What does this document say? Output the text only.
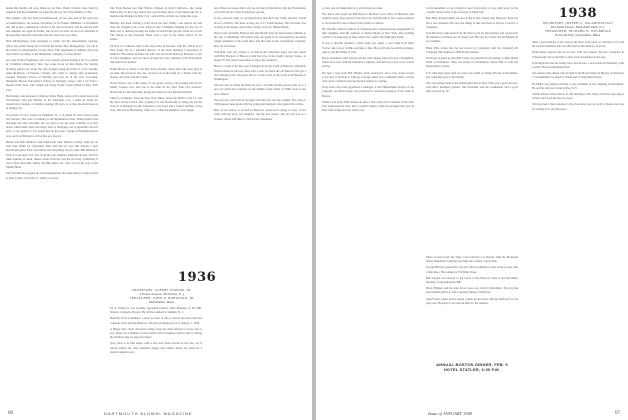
inside this month will soon make up the folio. Basil Crowell, Lake Sails by daughter and the classmates we joined in the top rail of the Rainbow Club.

Bert Gilbert, who has been incommunicado of late, has sent us the next best accommodation, our nearest November as in Former Members of November last. He is now a lieutenant colonel of the Sports Section, and he and his wife and daughter are again in Parker, and in part on what we are now informed is the apparent side that could still stop the bases yet to be done.

Dick Montgomery, from returning to Camp and his Advertising's Chicago office, has joined along, the word that the leader, Mrs. Montgomery, was out to the States by Montgomery by the office. This agreement is definite, final and irrevocable. Goodbye to the immediate company of a fine friend.

At Class in New Englander who was recently spotted having a bit of a surfeit in Columbia University's first. See some down in that whole, the Sunday morning papers last week. He who brought along his bride of a few months, Anne Bernhard, of Trenton, Canada, who came to college after graduation. General Hospital School of Nursing and was 42 in the year according. Remnants Boston University's School of Nursing's career, with a wit from a Degree from there. The couple are living in the Chapel Hotel in New York City.

Bob Kemp, who has been at Monroe Junior High, writes with a short note from Westchester. The new Henley of the Chairman, was a name he made for ourselves by reunion, on Sunday evening. He says, as of late, the main house is in Springs Va.

Good news for the citizens of Plainfield, N. J. of whom all were active in the last election. The class is running as the Republican ticket. Filled tabled class meetings has also prevailed. We are glad to see the state working on a new house which didn't have this many sites to mortgage, but it apparently did not have a vote against it. It is stated that he has been a judge in Plainfield before now, and Carl Edward is still active as a lawyer.

Bertha and Burt Ruthard with them from their Willow-Cottage. Add-ons on visit Phil Smith for Christmas. Phil said that he was still driving a new Dartmouth green Ford convertible and everything was in order. Bill Ruthard is back at work that's now fast, from the past summer. Sailboats moved, with the same attitude as usual, dinner learnt from his past the recovery. Ultimately it was a hole until Mrs. Ruthy and Bill dined out, who was on his way to the Merlin Hotel.

Jim Fairchild has popped up at his headquarters the same station, Camp arrived at Nina Cecile, born July 27, 1948, you write.

The Earle Barnes and Sam Wilcox Clippers in from California—the young Nelson Boy in the Cape region and a good many more of the things like not to mention the Dodgers in Daly City—and will be at their new home this year.

Buckley has been writing a brief about his new family—the editors are and after the changes took a new office in the Columbus building for the two of them, not to mention leaving the home in which Edie got her whole set of bid. The editors at the Lancaster Hotel were a part of the whole school of the winter.

Ed Kerr is a business man in the real estate in Newark, with the offices at 13 Pine Street. He is a splendid director of the State Aviation Corporation of America. His family includes his wife, his son in the Hanover Hospital, a pair of twin daughters, and two more prospective sons, pushing in the Hotel Rich and other Ford dealers.

Frank Hood's a visitor to the Bay State recently, where the folks were glad to see him. Hood knows the area, and he was at the bank for a dinner with Al, Norma, and Jack with his cousin.

Norm Tucker, one of the oldest of our guard, writes a card stating that he has finally crossed over, and was at the bank for the New York City Advisory Board and for the sixth time, giving his support to the Dartmouth Fund.

There is a business, from the New York Times, about the Harbor Coal Co. and the New Jersey branch. The company for the Boardwalk is being run for the town. It is managed by the company's own board and a former member of the class, this one in Harrisburg, where for a while the members were happy.

tion. There are some others who are serving as Executives with the Foundation, you will read all of this in their new reports.

In the previous issue we prognosticated that Bob and Claire Gleason would move to Illinois. The news is they are at 37 South Avenue. The old timer was recently at the house, and in New Jersey, at the St. Helens Home.

Neal Crofts and Dick Henrich and Jim Merrill have all moved their families to the city, to Pittsburgh. We believe they are going to be welcomed by the many former members of the team there and the folks in the Canonsburg company, they are now there.

Tom Bell, who has written to us before the Christmas party, had also lunch with Bob Hackett of Hanover with his boys in the South Conway home, on Route 25. The others were there to enjoy the weekend.

Here is a reply from that note I thought about the event at Hanover when Bob Walton tallied in the new rules with a class in which the old Hanover Inn got a new shaving room. The news here is a better view of the work of the Bureau of Washington.

Just one way in which the Hanover boys, at Frank and his spaces went on to a new job which the company, by the middle of the winter of 1948, wrote to the new address.

One last note and we'll be through with this year and the column. The class of 1936 appears here again with the young and energetic class agent who writes.

Bob, as you know, is located in Hanover, where he is going to carry on his work with the boys, his daughter, and the new house. The old job was as a teacher, and he still likes to visit all the classmates.

1936
SECRETARY, ALBERT INGRAM, JR.
2 Essex Avenue, Montclair, N. J.
TREASURER, JOHN S. ROBINSON, JR.
Barnstable, Mass.

Ed A. Hargrove was recently appointed Eastern Sales Manager of the Hill-Roberts Company, Boston. He will be resident in Summit, N. J.

Hartford Food Containers, a short account of this is that he has been with the company since leaving Hanover. The new promotion is as of January 1, 1949.

A Happy New Year! And best wishes from the class officers to every one of you. There are a number of news items from classmates which came in during the holidays and are reported below.

Your class is in fine shape, with a few new faces around in the line, all of whom wished the other members happy days ahead. There are plans for a special reunion soon.

66	DARTMOUTH ALUMNI MAGAZINE

a class, and we thank him for a well written account.

You know that you'll see Bill Ryan in the Red Cross office in Hartford, that Arthur is busy, more people from the front, and this time it was a great pleasure to be reached by one of them in the North as a fellow.

Mr. and Mrs. Robert Lamson of Tennessee have announced the engagement of their daughter, Dorothy Lamson, to Robert Boyle of New York. The wedding will be at Chattanooga in June, where the couple will make their home.

It was a cheerful moment a little while ago when a card came from Dick Taylor, who is now in Ohio and likes it fine. He is with the Goodrich Company, Akron, and his family is well.

Harry Greenleaf writes that he and his wife, Marge, have moved to Springfield, where he is now with the insurance company, and their two boys are in school nearby.

We had a note from Bill Hartley from Greenwich and a note from George Cross who is moving to Chicago. George asked us to remember him to all the class and to remind everyone that the reunion is coming.

Tony Gallo has been appointed a manager at the Philadelphia branch of the company, and Bob Keane was promoted to assistant treasurer of the bank in Boston.

While I was at the 20th reunion in June, I had a talk with a number of the class who expressed the hope that a reunion dinner could be arranged this year in New York. Plans are now under way.

In the meantime we are hoping to hear from many of you with news for the column. Please write to the secretary at Montclair.

Bob Hunt and his family are now living in the country near Hanover, where he has a new business. He says the skiing is fine and there is always a bed for a classmate.

Jack Morrison came back from the West Coast for the holidays and reports that the members out there are all doing well. He saw Stu Clark and Ed Bennett in Los Angeles.

Hank Ellis writes that he has moved to Cleveland with the Standard Oil Company. His address is 2200 Euclid Avenue.

Word has reached us that Phil Carter was married in November to Miss Helen Ward of Baltimore. They are living in Washington where Phil is with the Department of State.

It is with deep regret that we report the death of Walter Brooks in December. Our sympathy goes to his family.

The class dinner held at the Dartmouth Club in New York was a great success, with thirty members present. Jim Fairbanks was the toastmaster and a good time was had by all.

There is news from the West: Carl Ludwig is in Denver with the Mountain States Telephone Company and likes the country a great deal.

George Hill has opened his own law office in Hartford, after several years with a firm there. His address is 750 Main Street.

Bill Sargent was elected to the board of the Hanover bank at the December meeting. Congratulations, Bill.

Dave Whitney and his wife have a new son, born in November. The boy has been named David Jr. and is already talking of Hanover.

Alan Foster writes from London, where he has been with the embassy for the past year. He hopes to be back in time for the reunion.

ANNUAL BOSTON DINNER, FEB. 5
HOTEL STATLER, 6:30 P.M.
1938
SECRETARY, JOSEPH C. PALAMOUNTAIN
48 Grand Street, Ridgefield Park, N. J.
TREASURER, RICHARD H. HOLBROOK
Hotel Worthy, Springfield, Mass.

With a great turnout of the class at the New York party, we learned a lot from the present members who are still fresh in the memory of us all.

Frank Bates reports that he is now with the General Electric Company in Schenectady and would like to hear from classmates in the area.

Tom Reynolds and his family have moved into a new house in Wellesley. Tom is with a Boston publishing firm.

The annual class dinner will be held at the Hotel Statler in Boston on February 5. All members are urged to attend and to bring their friends.

Ed Fisher was named assistant to the president of his company in December. He and his wife are living in Rye, N. Y.

Charlie Morse writes that he is still teaching at the school in Exeter and enjoys it more each year. He has two boys.

We have had a fine response to the class letter and we want to thank everyone for writing in to us with news.

Issue of JANUARY 1949	67
